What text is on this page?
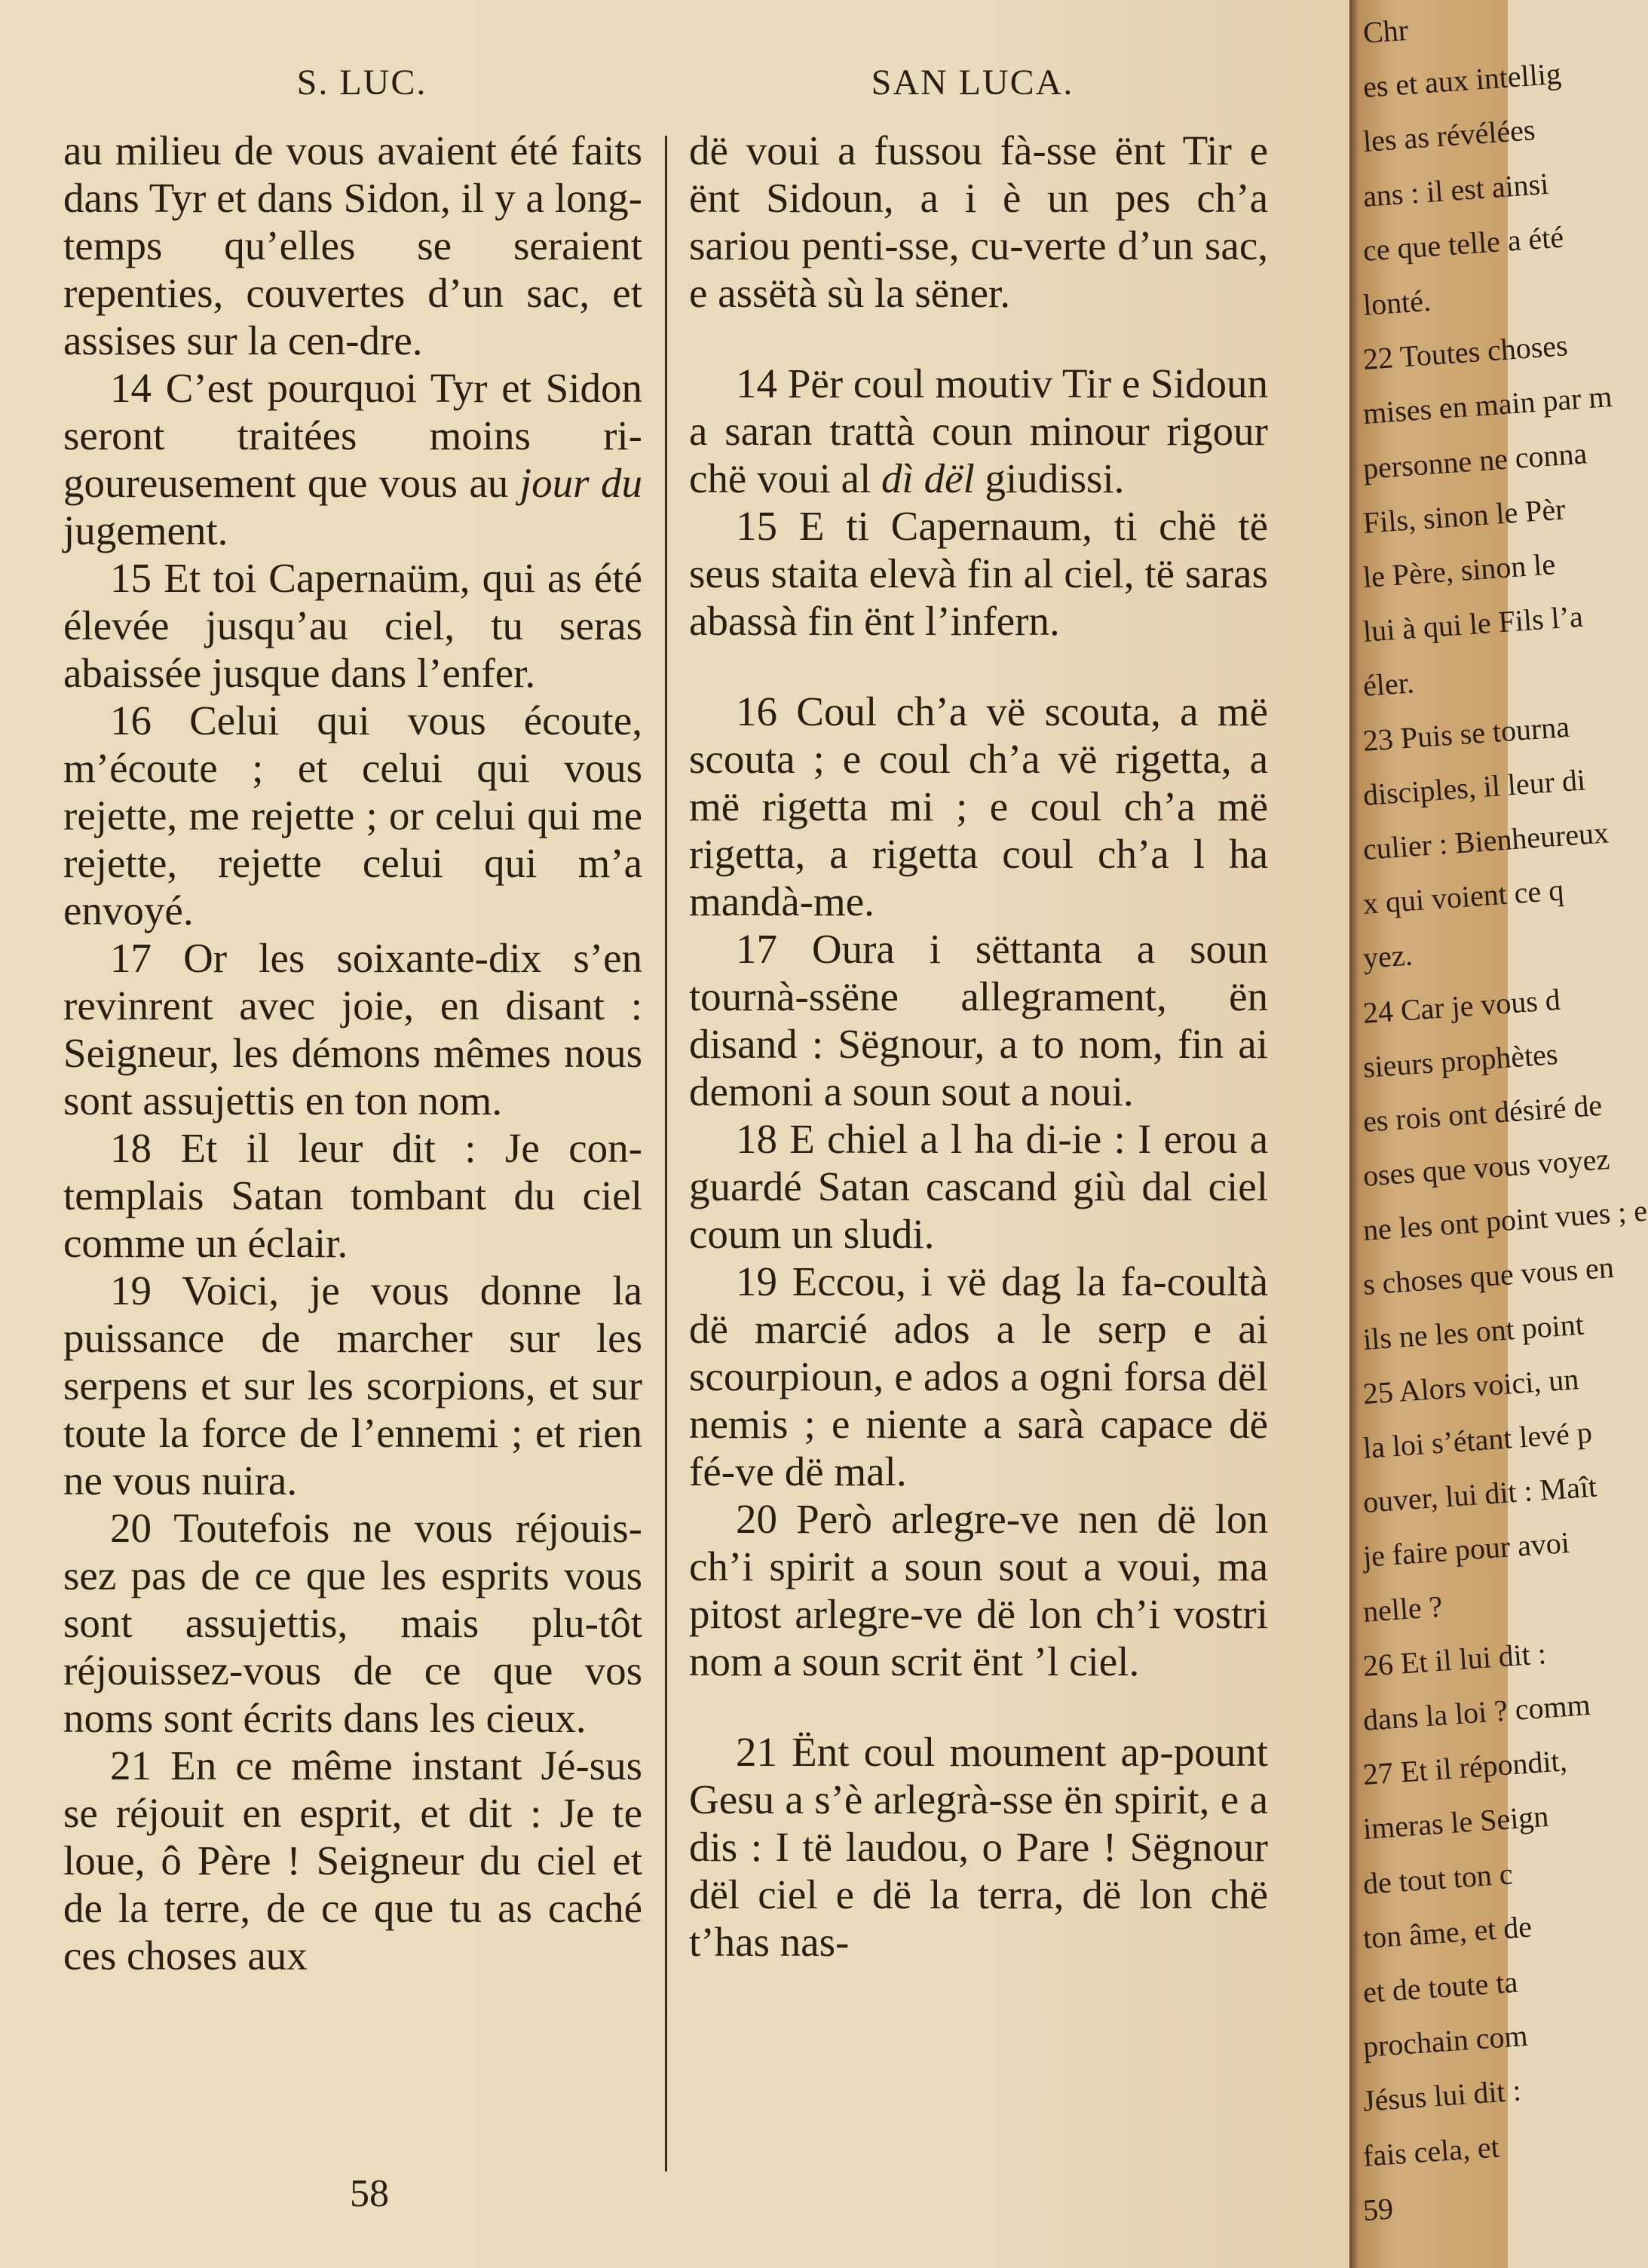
S. LUC.	SAN LUCA.

au milieu de vous avaient été faits dans Tyr et dans Sidon, il y a long-temps qu’elles se seraient repenties, couvertes d’un sac, et assises sur la cen-dre.

14 C’est pourquoi Tyr et Sidon seront traitées moins ri-goureusement que vous au jour du jugement.

15 Et toi Capernaüm, qui as été élevée jusqu’au ciel, tu seras abaissée jusque dans l’enfer.

16 Celui qui vous écoute, m’écoute ; et celui qui vous rejette, me rejette ; or celui qui me rejette, rejette celui qui m’a envoyé.

17 Or les soixante-dix s’en revinrent avec joie, en disant : Seigneur, les démons mêmes nous sont assujettis en ton nom.

18 Et il leur dit : Je con-templais Satan tombant du ciel comme un éclair.

19 Voici, je vous donne la puissance de marcher sur les serpens et sur les scorpions, et sur toute la force de l’ennemi ; et rien ne vous nuira.

20 Toutefois ne vous réjouis-sez pas de ce que les esprits vous sont assujettis, mais plu-tôt réjouissez-vous de ce que vos noms sont écrits dans les cieux.

21 En ce même instant Jé-sus se réjouit en esprit, et dit : Je te loue, ô Père ! Seigneur du ciel et de la terre, de ce que tu as caché ces choses aux

dë voui a fussou fà-sse ënt Tir e ënt Sidoun, a i è un pes ch’a sariou penti-sse, cu-verte d’un sac, e assëtà sù la sëner.

14 Për coul moutiv Tir e Sidoun a saran trattà coun minour rigour chë voui al dì dël giudissi.

15 E ti Capernaum, ti chë të seus staita elevà fin al ciel, të saras abassà fin ënt l’infern.

16 Coul ch’a vë scouta, a më scouta ; e coul ch’a vë rigetta, a më rigetta mi ; e coul ch’a më rigetta, a rigetta coul ch’a l ha mandà-me.

17 Oura i sëttanta a soun tournà-ssëne allegrament, ën disand : Sëgnour, a to nom, fin ai demoni a soun sout a noui.

18 E chiel a l ha di-ie : I erou a guardé Satan cascand giù dal ciel coum un sludi.

19 Eccou, i vë dag la fa-coultà dë marcié ados a le serp e ai scourpioun, e ados a ogni forsa dël nemis ; e niente a sarà capace dë fé-ve dë mal.

20 Però arlegre-ve nen dë lon ch’i spirit a soun sout a voui, ma pitost arlegre-ve dë lon ch’i vostri nom a soun scrit ënt ’l ciel.

21 Ënt coul moument ap-pount Gesu a s’è arlegrà-sse ën spirit, e a dis : I të laudou, o Pare ! Sëgnour dël ciel e dë la terra, dë lon chë t’has nas-

58
Chr
es et aux intellig
les as révélées
ans : il est ainsi
ce que telle a été
lonté.
22 Toutes choses
mises en main par m
personne ne conna
Fils, sinon le Pèr
le Père, sinon le
lui à qui le Fils l’a
éler.
23 Puis se tourna
disciples, il leur di
culier : Bienheureux
x qui voient ce q
yez.
24 Car je vous d
sieurs prophètes
es rois ont désiré de
oses que vous voyez
ne les ont point vues ; e
s choses que vous en
ils ne les ont point
25 Alors voici, un
la loi s’étant levé p
ouver, lui dit : Maît
je faire pour avoi
nelle ?
26 Et il lui dit :
dans la loi ? comm
27 Et il répondit,
imeras le Seign
de tout ton c
ton âme, et de
et de toute ta
prochain com
Jésus lui dit :
fais cela, et
59
